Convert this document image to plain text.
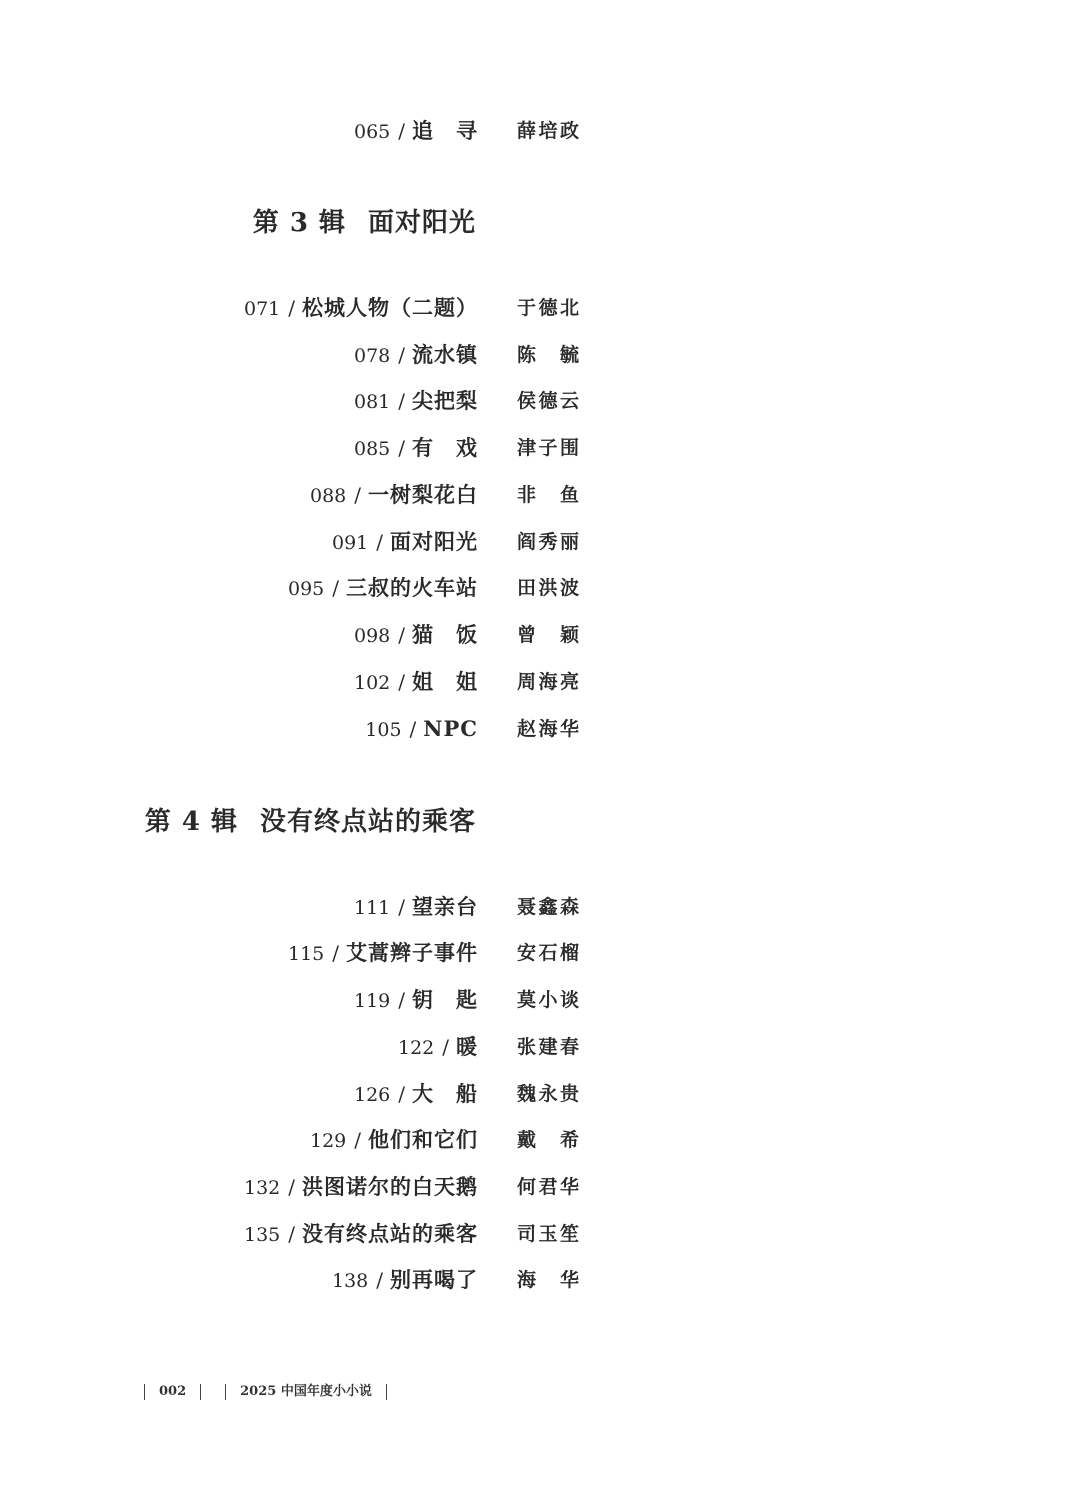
065 / 追　寻 薛培政
第 3 辑 面对阳光
071 / 松城人物（二题） 于德北
078 / 流水镇 陈　毓
081 / 尖把梨 侯德云
085 / 有　戏 津子围
088 / 一树梨花白 非　鱼
091 / 面对阳光 阎秀丽
095 / 三叔的火车站 田洪波
098 / 猫　饭 曾　颖
102 / 姐　姐 周海亮
105 / NPC 赵海华
第 4 辑 没有终点站的乘客
111 / 望亲台 聂鑫森
115 / 艾蒿辫子事件 安石榴
119 / 钥　匙 莫小谈
122 / 暖 张建春
126 / 大　船 魏永贵
129 / 他们和它们 戴　希
132 / 洪图诺尔的白天鹅 何君华
135 / 没有终点站的乘客 司玉笙
138 / 别再喝了 海　华
002	2025 中国年度小小说
